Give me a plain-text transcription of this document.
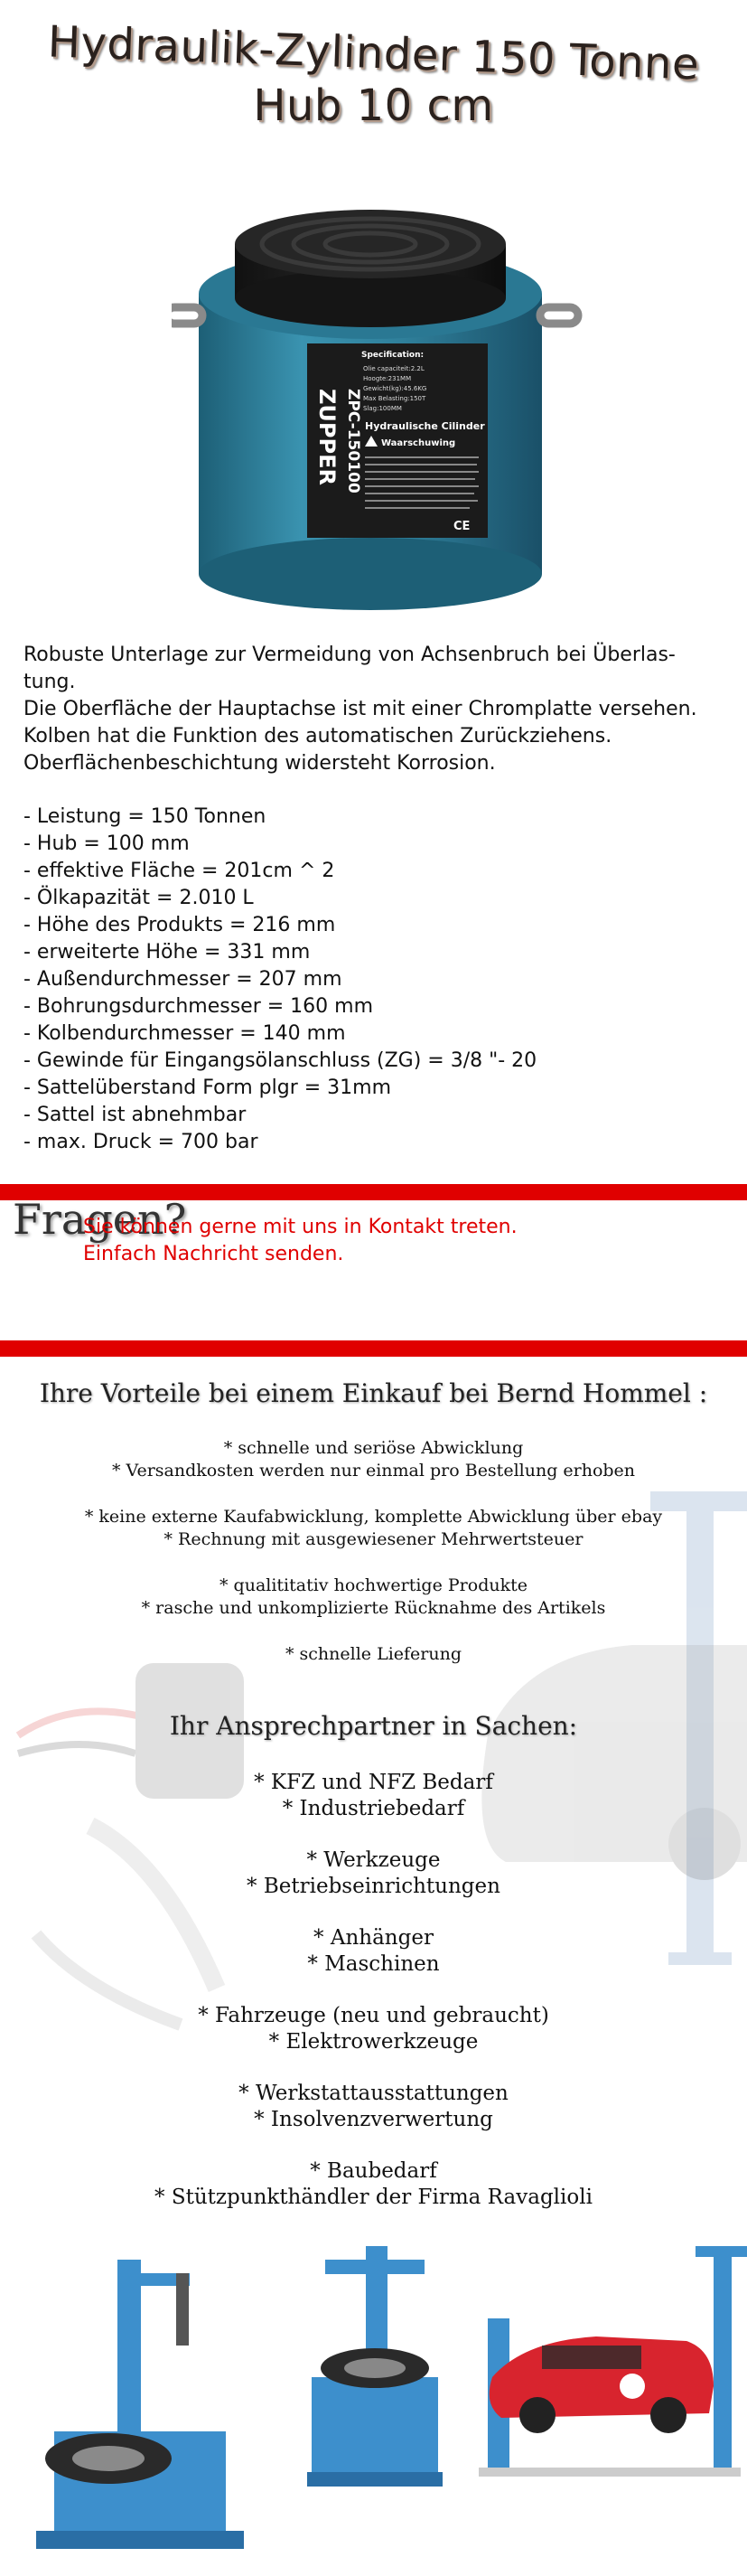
Hydraulik-Zylinder 150 Tonne
Hub 10 cm
ZUPPER ZPC-150100
Specification:
Olie capaciteit:2.2L
Hoogte:231MM
Gewicht(kg):45.6KG
Max Belasting:150T
Slag:100MM
Hydraulische Cilinder
Waarschuwing
CE

Robuste Unterlage zur Vermeidung von Achsenbruch bei Überlas-

tung.

Die Oberfläche der Hauptachse ist mit einer Chromplatte versehen.

Kolben hat die Funktion des automatischen Zurückziehens.

Oberflächenbeschichtung widersteht Korrosion.

- Leistung = 150 Tonnen
- Hub = 100 mm
- effektive Fläche = 201cm ^ 2
- Ölkapazität = 2.010 L
- Höhe des Produkts = 216 mm
- erweiterte Höhe = 331 mm
- Außendurchmesser = 207 mm
- Bohrungsdurchmesser = 160 mm
- Kolbendurchmesser = 140 mm
- Gewinde für Eingangsölanschluss (ZG) = 3/8 "- 20
- Sattelüberstand Form plgr = 31mm
- Sattel ist abnehmbar
- max. Druck = 700 bar
Fragen?

Sie können gerne mit uns in Kontakt treten.

Einfach Nachricht senden.

Ihre Vorteile bei einem Einkauf bei Bernd Hommel :

* schnelle und seriöse Abwicklung

* Versandkosten werden nur einmal pro Bestellung erhoben

* keine externe Kaufabwicklung, komplette Abwicklung über ebay

* Rechnung mit ausgewiesener Mehrwertsteuer

* qualititativ hochwertige Produkte

* rasche und unkomplizierte Rücknahme des Artikels

* schnelle Lieferung

Ihr Ansprechpartner in Sachen:

* KFZ und NFZ Bedarf

* Industriebedarf

* Werkzeuge

* Betriebseinrichtungen

* Anhänger

* Maschinen

* Fahrzeuge (neu und gebraucht)

* Elektrowerkzeuge

* Werkstattausstattungen

* Insolvenzverwertung

* Baubedarf

* Stützpunkthändler der Firma Ravaglioli
